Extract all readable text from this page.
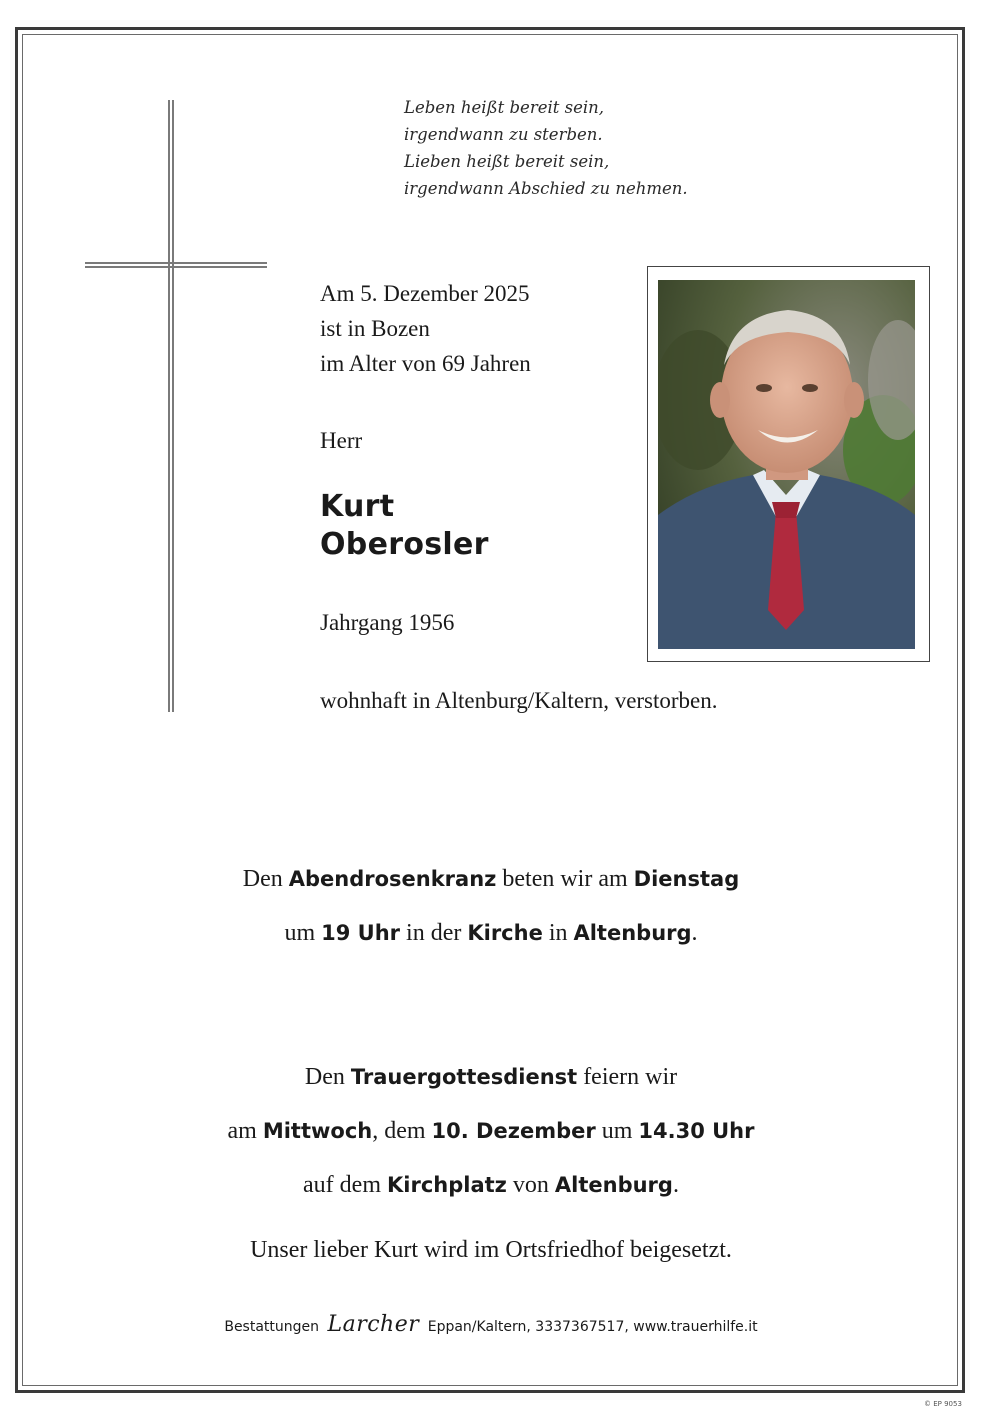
Leben heißt bereit sein,
irgendwann zu sterben.
Lieben heißt bereit sein,
irgendwann Abschied zu nehmen.
Am 5. Dezember 2025
ist in Bozen
im Alter von 69 Jahren
Herr
Kurt
Oberosler
Jahrgang 1956
wohnhaft in Altenburg/Kaltern, verstorben.
Den Abendrosenkranz beten wir am Dienstag
um 19 Uhr in der Kirche in Altenburg.
Den Trauergottesdienst feiern wir
am Mittwoch, dem 10. Dezember um 14.30 Uhr
auf dem Kirchplatz von Altenburg.
Unser lieber Kurt wird im Ortsfriedhof beigesetzt.
Bestattungen Larcher Eppan/Kaltern, 3337367517, www.trauerhilfe.it
© EP 9053
